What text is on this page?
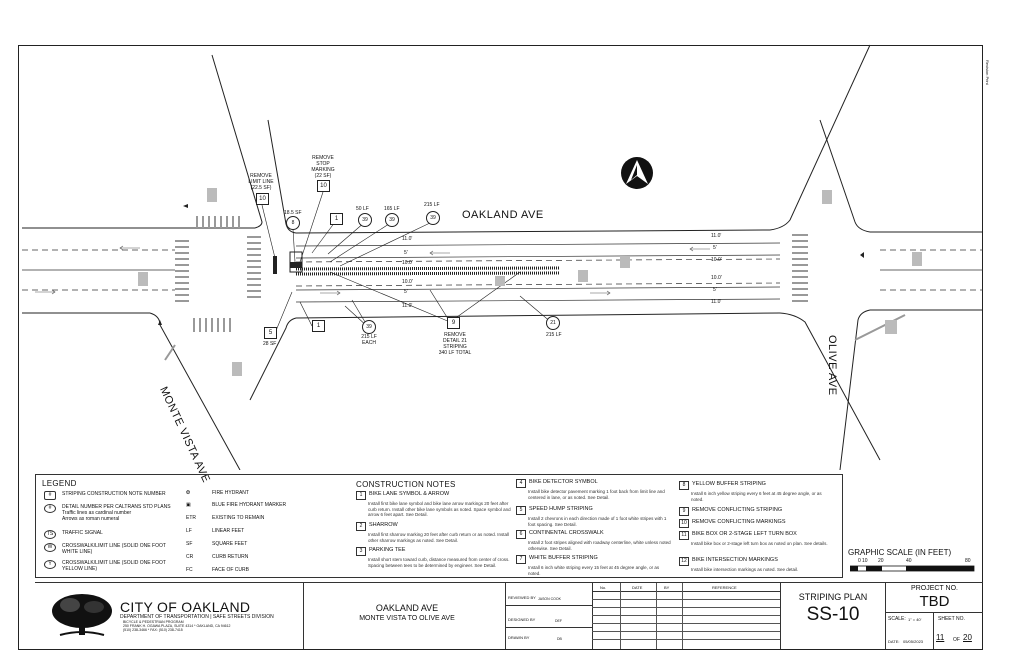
OAKLAND AVE
MONTE VISTA AVE
OLIVE AVE
11.0'
5'
10.0'
10.0'
5'
11.0'
11.0'
5'
10.0'
10.0'
5'
11.0'
REMOVE
LIMIT LINE
(22.5 SF)
REMOVE
STOP
MARKING
(22 SF)
18.5 SF
50 LF	165 LF
215 LF
28 SF
215 LF
EACH
REMOVE
DETAIL 21
STRIPING
340 LF TOTAL
215 LF
10
10
1
1
5
9
8	39	39	39
39
21
Revision Print
LEGEND
#	STRIPING CONSTRUCTION NOTE NUMBER
#	DETAIL NUMBER PER CALTRANS STD PLANS
Traffic lines as cardinal number
Arrows as roman numeral
TS	TRAFFIC SIGNAL
W	CROSSWALK/LIMIT LINE (SOLID ONE FOOT
WHITE LINE)
Y	CROSSWALK/LIMIT LINE (SOLID ONE FOOT
YELLOW LINE)
❂	FIRE HYDRANT
▣	BLUE FIRE HYDRANT MARKER
ETR	EXISTING TO REMAIN
LF	LINEAR FEET
SF	SQUARE FEET
CR	CURB RETURN
FC	FACE OF CURB
CONSTRUCTION NOTES
1 BIKE LANE SYMBOL & ARROW
Install first bike lane symbol and bike lane arrow markings 20 feet after curb return. Install other bike lane symbols as noted. Space symbol and arrow 6 feet apart. See Detail.
2 SHARROW
Install first sharrow marking 20 feet after curb return or as noted. Install other sharrow markings as noted. See Detail.
3 PARKING TEE
Install short stem toward curb, distance measured from center of cross. Spacing between tees to be determined by engineer. See Detail.
4 BIKE DETECTOR SYMBOL
Install bike detector pavement marking 1 foot back from limit line and centered in lane, or as noted. See Detail.
5 SPEED HUMP STRIPING
Install 2 chevrons in each direction made of 1 foot white stripes with 1 foot spacing. See Detail.
6 CONTINENTAL CROSSWALK
Install 2 foot stripes aligned with roadway centerline, white unless noted otherwise. See Detail.
7 WHITE BUFFER STRIPING
Install 6 inch white striping every 15 feet at 45 degree angle, or as noted.
8 YELLOW BUFFER STRIPING
Install 6 inch yellow striping every 6 feet at 45 degree angle, or as noted.
9 REMOVE CONFLICTING STRIPING
10 REMOVE CONFLICTING MARKINGS
11 BIKE BOX OR 2-STAGE LEFT TURN BOX
Install bike box or 2-stage left turn box as noted on plan. See details.
12 BIKE INTERSECTION MARKINGS
Install bike intersection markings as noted. See detail.
GRAPHIC SCALE (IN FEET)
0 10 20	40	80
CITY OF OAKLAND
DEPARTMENT OF TRANSPORTATION | SAFE STREETS DIVISION
BICYCLE & PEDESTRIAN PROGRAM
250 FRANK H. OGAWA PLAZA, SUITE 4314 * OAKLAND, CA 94612
(510) 238-3466 * FAX: (510) 238-7415
OAKLAND AVE
MONTE VISTA TO OLIVE AVE
REVIEWED BY JASON COOK
DESIGNED BY	DEF
DRAWN BY	DB
No.	DATE	BY	REFERENCE
STRIPING PLAN
SS-10
PROJECT NO.
TBD
SCALE: 1" = 40'	SHEET NO.
DATE: 05/05/2023 11 OF 20
